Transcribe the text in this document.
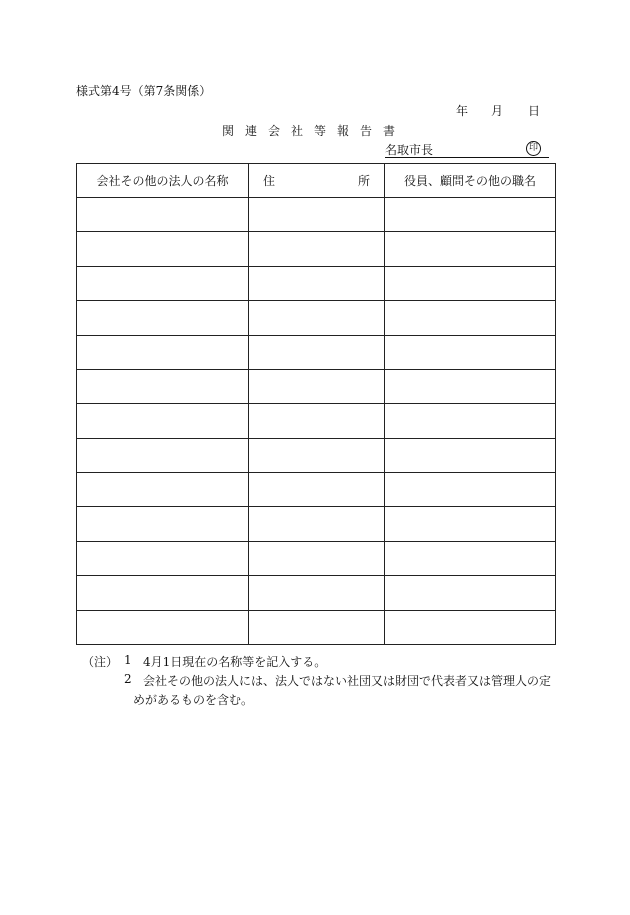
様式第4号（第7条関係）
年 月 日
関連会社等報告書
名取市長	印
会社その他の法人の名称	住 所	役員、顧問その他の職名

（注） 1 4月1日現在の名称等を記入する。
2 会社その他の法人には、法人ではない社団又は財団で代表者又は管理人の定
めがあるものを含む。
